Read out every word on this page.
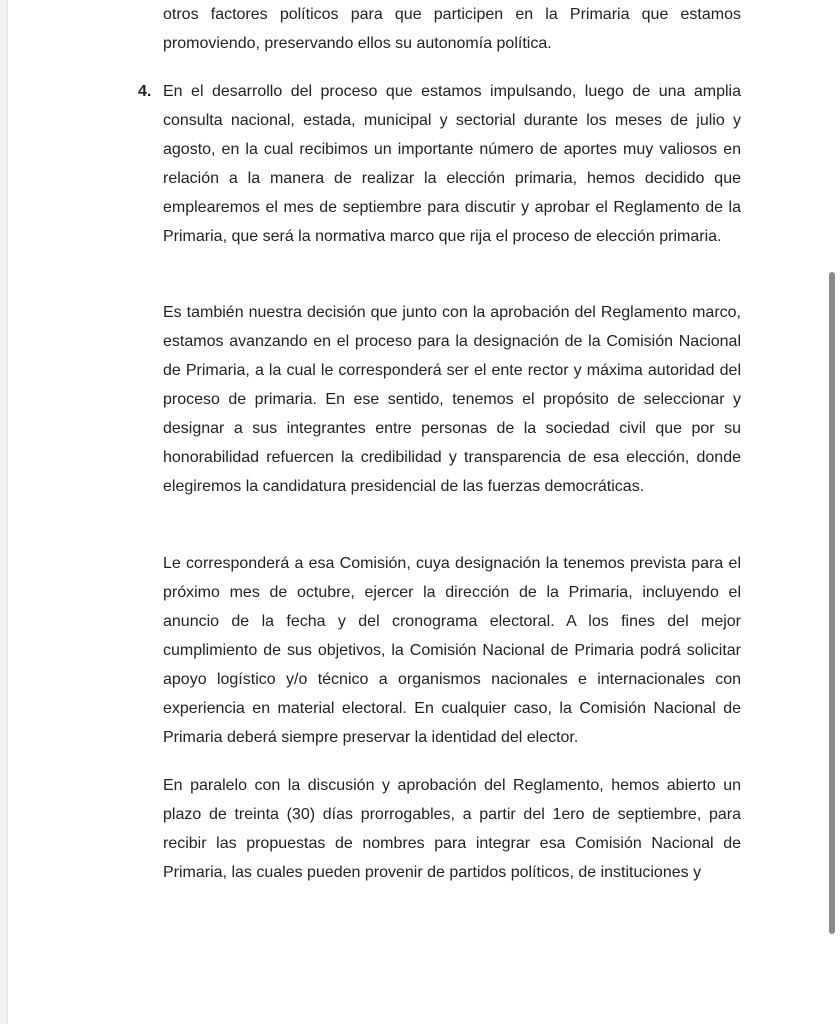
otros factores políticos para que participen en la Primaria que estamos promoviendo, preservando ellos su autonomía política.
4. En el desarrollo del proceso que estamos impulsando, luego de una amplia consulta nacional, estada, municipal y sectorial durante los meses de julio y agosto, en la cual recibimos un importante número de aportes muy valiosos en relación a la manera de realizar la elección primaria, hemos decidido que emplearemos el mes de septiembre para discutir y aprobar el Reglamento de la Primaria, que será la normativa marco que rija el proceso de elección primaria.
Es también nuestra decisión que junto con la aprobación del Reglamento marco, estamos avanzando en el proceso para la designación de la Comisión Nacional de Primaria, a la cual le corresponderá ser el ente rector y máxima autoridad del proceso de primaria. En ese sentido, tenemos el propósito de seleccionar y designar a sus integrantes entre personas de la sociedad civil que por su honorabilidad refuercen la credibilidad y transparencia de esa elección, donde elegiremos la candidatura presidencial de las fuerzas democráticas.
Le corresponderá a esa Comisión, cuya designación la tenemos prevista para el próximo mes de octubre, ejercer la dirección de la Primaria, incluyendo el anuncio de la fecha y del cronograma electoral. A los fines del mejor cumplimiento de sus objetivos, la Comisión Nacional de Primaria podrá solicitar apoyo logístico y/o técnico a organismos nacionales e internacionales con experiencia en material electoral. En cualquier caso, la Comisión Nacional de Primaria deberá siempre preservar la identidad del elector.
En paralelo con la discusión y aprobación del Reglamento, hemos abierto un plazo de treinta (30) días prorrogables, a partir del 1ero de septiembre, para recibir las propuestas de nombres para integrar esa Comisión Nacional de Primaria, las cuales pueden provenir de partidos políticos, de instituciones y
